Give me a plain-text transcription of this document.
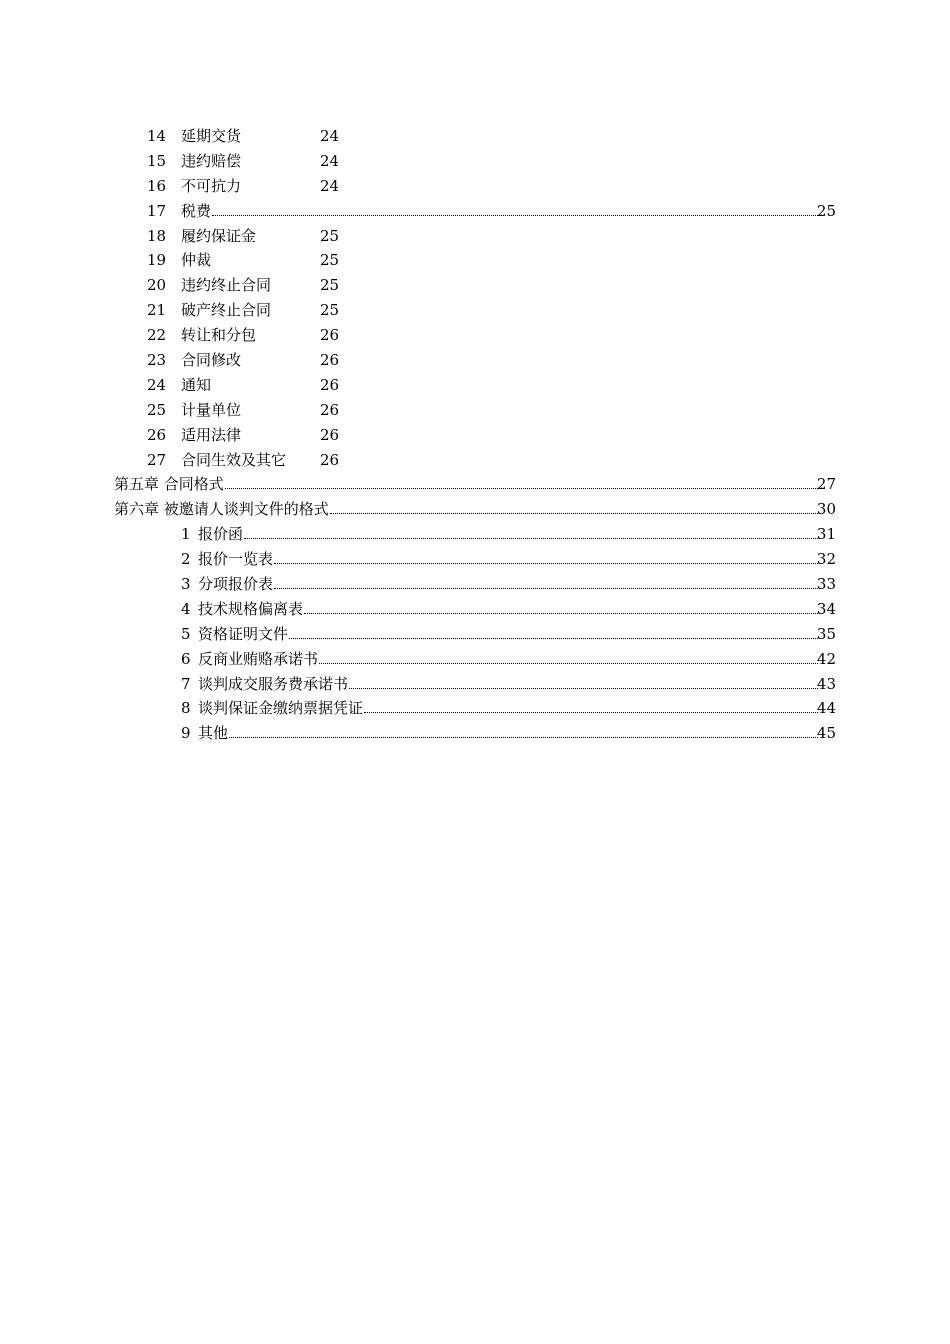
14 延期交货	24
15 违约赔偿	24
16 不可抗力	24
17 税费	25
18 履约保证金	25
19 仲裁	25
20 违约终止合同	25
21 破产终止合同	25
22 转让和分包	26
23 合同修改	26
24 通知	26
25 计量单位	26
26 适用法律	26
27 合同生效及其它 26
第五章 合同格式	27
第六章 被邀请人谈判文件的格式	30
1 报价函	31
2 报价一览表	32
3 分项报价表	33
4 技术规格偏离表	34
5 资格证明文件	35
6 反商业贿赂承诺书	42
7 谈判成交服务费承诺书	43
8 谈判保证金缴纳票据凭证	44
9 其他	45
